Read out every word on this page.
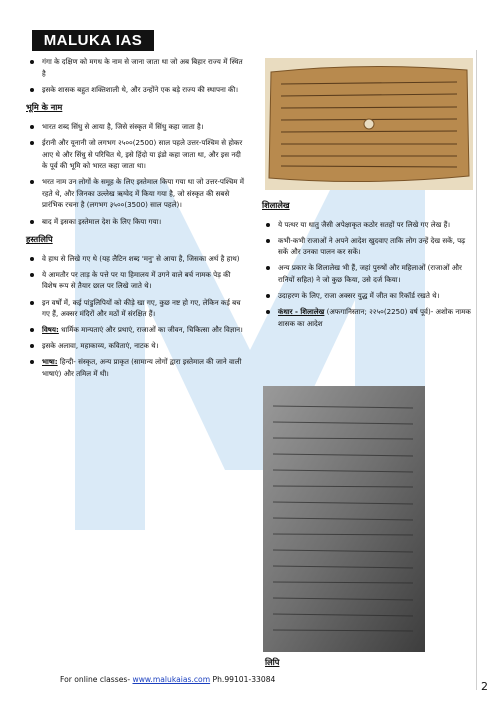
MALUKA IAS
गंगा के दक्षिण को मगध के नाम से जाना जाता था जो अब बिहार राज्य में स्थित है
इसके शासक बहुत शक्तिशाली थे, और उन्होंने एक बड़े राज्य की स्थापना की।
भूमि के नाम
भारत शब्द सिंधु से आया है, जिसे संस्कृत में सिंधु कहा जाता है।
ईरानी और यूनानी जो लगभग २५००(2500) साल पहले उत्तर-पश्चिम से होकर आए थे और सिंधु से परिचित थे, इसे हिंदो या इंडो कहा जाता था, और इस नदी के पूर्व की भूमि को भारत कहा जाता था।
भरत नाम उन लोगों के समूह के लिए इस्तेमाल किया गया था जो उत्तर-पश्चिम में रहते थे, और जिनका उल्लेख ऋग्वेद में किया गया है, जो संस्कृत की सबसे प्रारंभिक रचना है (लगभग ३५००(3500) साल पहले)।
बाद में इसका इस्तेमाल देश के लिए किया गया।
हस्तलिपि
वे हाथ से लिखे गए थे (यह लैटिन शब्द 'मनु' से आया है, जिसका अर्थ है हाथ)
ये आमतौर पर ताड़ के पत्ते पर या हिमालय में उगने वाले बर्च नामक पेड़ की विशेष रूप से तैयार छाल पर लिखे जाते थे।
इन वर्षों में, कई पांडुलिपियों को कीड़े खा गए, कुछ नष्ट हो गए, लेकिन कई बच गए हैं, अक्सर मंदिरों और मठों में संरक्षित हैं।
विषय: धार्मिक मान्यताएं और प्रथाएं, राजाओं का जीवन, चिकित्सा और विज्ञान।
इसके अलावा, महाकाव्य, कविताएं, नाटक थे।
भाषा: हिन्दी- संस्कृत, अन्य प्राकृत (सामान्य लोगों द्वारा इस्तेमाल की जाने वाली भाषाएं) और तमिल में थी।
शिलालेख
ये पत्थर या धातु जैसी अपेक्षाकृत कठोर सतहों पर लिखे गए लेख हैं।
कभी-कभी राजाओं ने अपने आदेश खुदवाए ताकि लोग उन्हें देख सकें, पढ़ सकें और उनका पालन कर सकें।
अन्य प्रकार के शिलालेख भी हैं, जहां पुरुषों और महिलाओं (राजाओं और रानियों सहित) ने जो कुछ किया, उसे दर्ज किया।
उदाहरण के लिए, राजा अक्सर युद्ध में जीत का रिकॉर्ड रखते थे।
कंधार - शिलालेख (अफगानिस्तान; २२५०(2250) वर्ष पूर्व)- अशोक नामक शासक का आदेश
लिपि
For online classes- www.malukaias.com Ph.99101-33084
2
